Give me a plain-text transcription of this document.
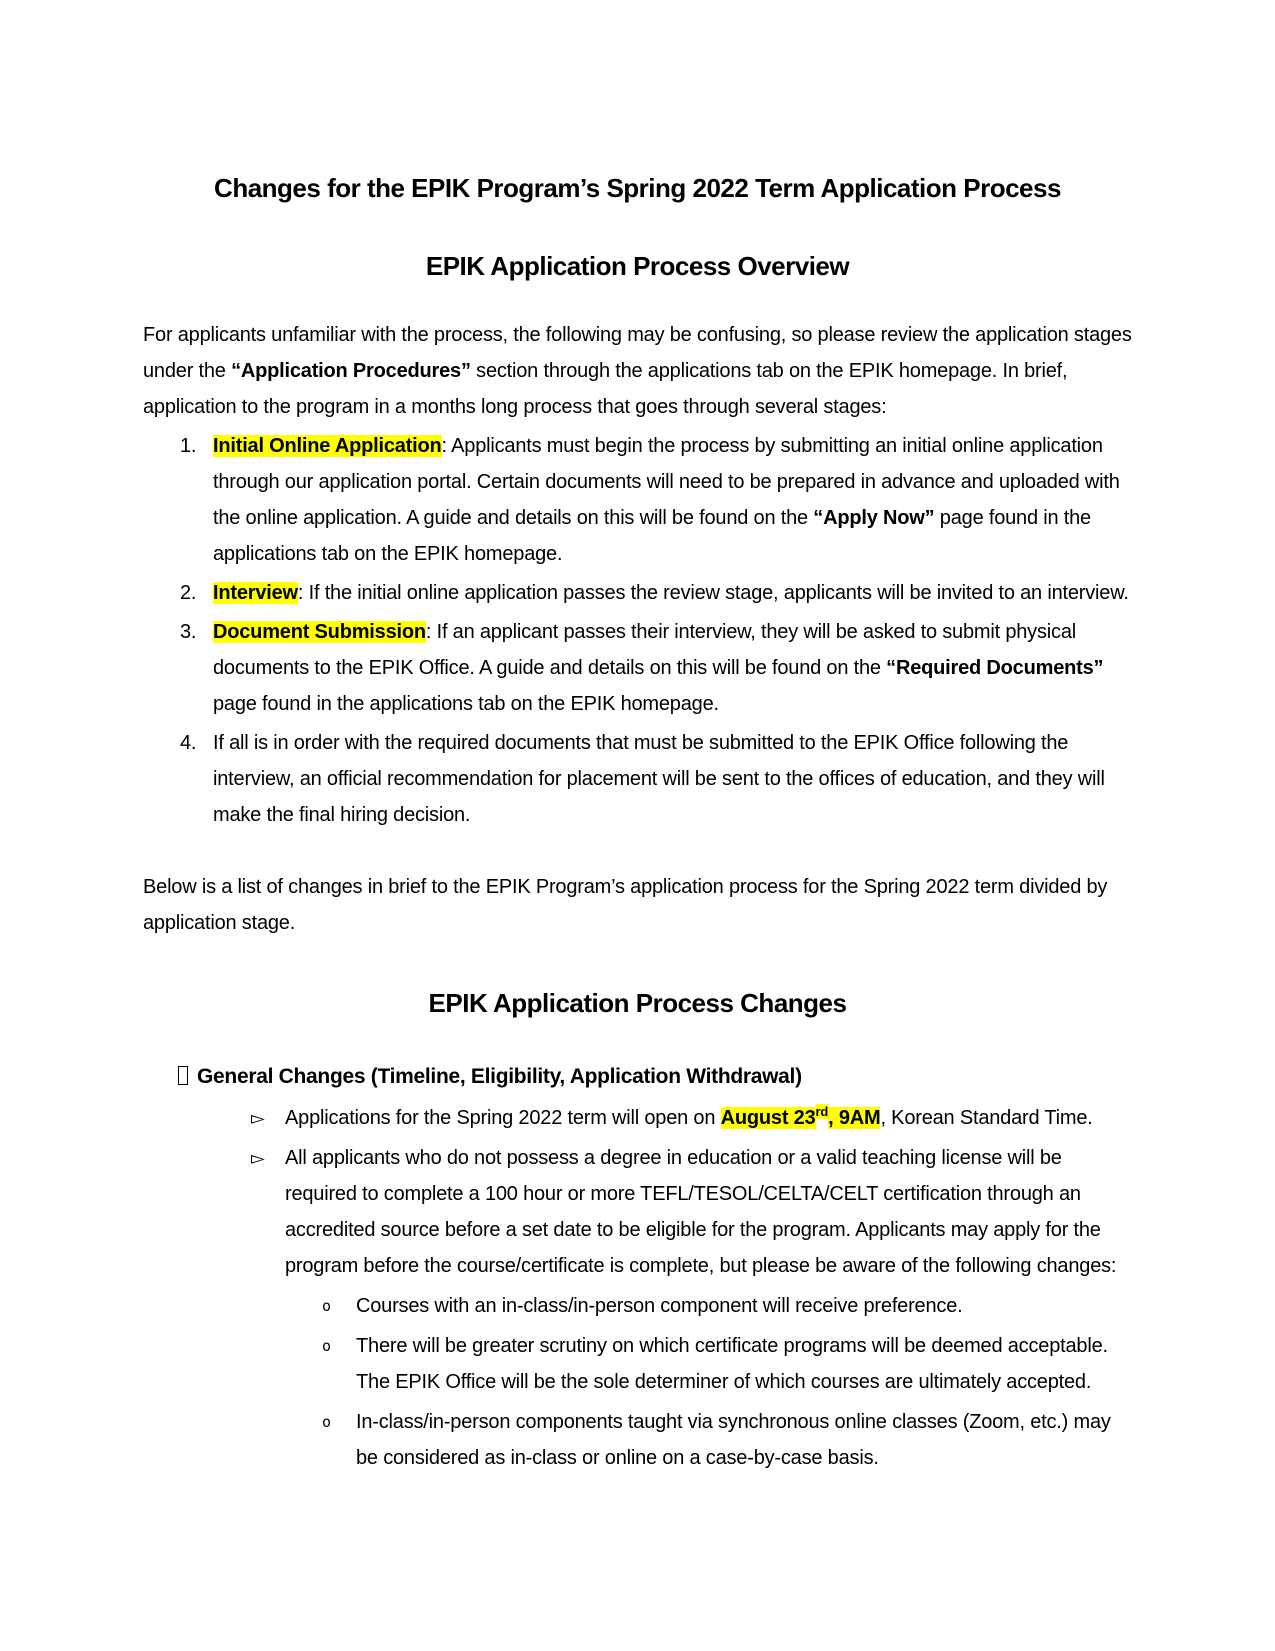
Changes for the EPIK Program’s Spring 2022 Term Application Process
EPIK Application Process Overview

For applicants unfamiliar with the process, the following may be confusing, so please review the application stages under the “Application Procedures” section through the applications tab on the EPIK homepage. In brief, application to the program in a months long process that goes through several stages:

1. Initial Online Application: Applicants must begin the process by submitting an initial online application through our application portal. Certain documents will need to be prepared in advance and uploaded with the online application. A guide and details on this will be found on the “Apply Now” page found in the applications tab on the EPIK homepage.
2. Interview: If the initial online application passes the review stage, applicants will be invited to an interview.
3. Document Submission: If an applicant passes their interview, they will be asked to submit physical documents to the EPIK Office. A guide and details on this will be found on the “Required Documents” page found in the applications tab on the EPIK homepage.
4. If all is in order with the required documents that must be submitted to the EPIK Office following the interview, an official recommendation for placement will be sent to the offices of education, and they will make the final hiring decision.

Below is a list of changes in brief to the EPIK Program’s application process for the Spring 2022 term divided by application stage.

EPIK Application Process Changes
General Changes (Timeline, Eligibility, Application Withdrawal)
▻ Applications for the Spring 2022 term will open on August 23rd, 9AM, Korean Standard Time.
▻ All applicants who do not possess a degree in education or a valid teaching license will be required to complete a 100 hour or more TEFL/TESOL/CELTA/CELT certification through an accredited source before a set date to be eligible for the program. Applicants may apply for the program before the course/certificate is complete, but please be aware of the following changes:
o Courses with an in-class/in-person component will receive preference.
o There will be greater scrutiny on which certificate programs will be deemed acceptable. The EPIK Office will be the sole determiner of which courses are ultimately accepted.
o In-class/in-person components taught via synchronous online classes (Zoom, etc.) may be considered as in-class or online on a case-by-case basis.
